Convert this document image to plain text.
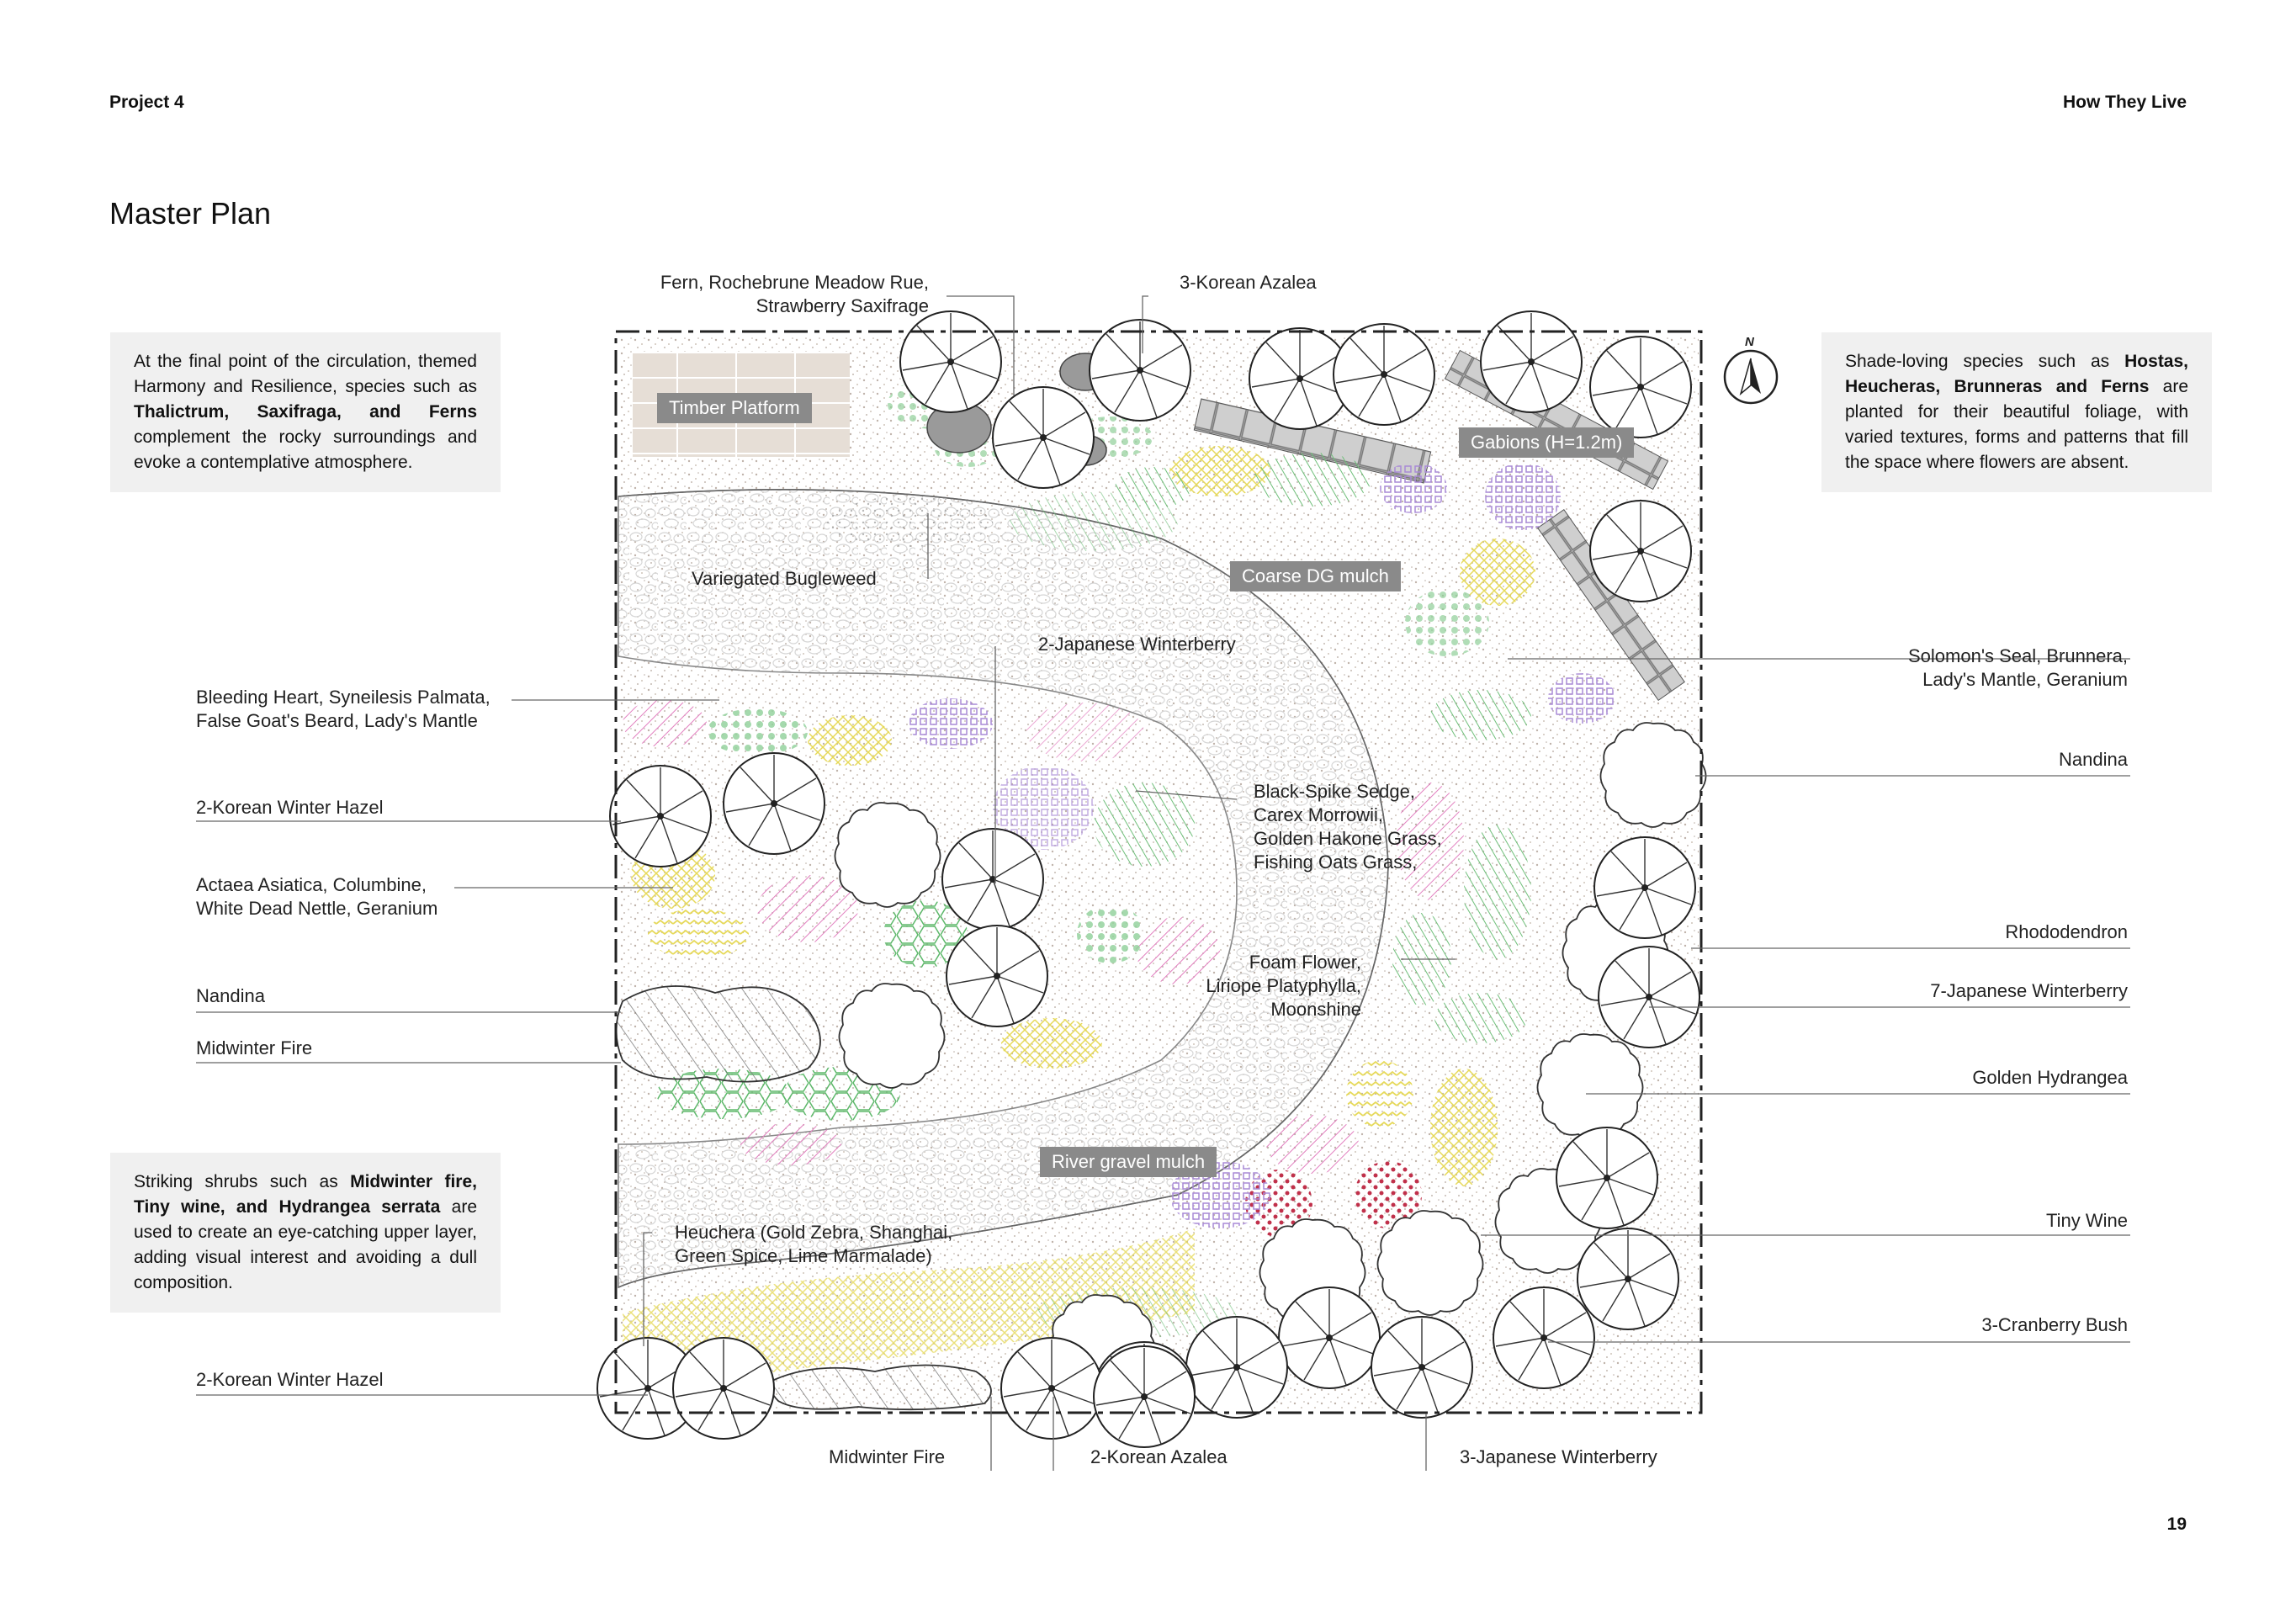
Project 4	How They Live
Master Plan
19
At the final point of the circulation, themed Harmony and Resilience, species such as Thalictrum, Saxifraga, and Ferns complement the rocky surroundings and evoke a contemplative atmosphere.
Shade-loving species such as Hostas, Heucheras, Brunneras and Ferns are planted for their beautiful foliage, with varied textures, forms and patterns that fill the space where flowers are absent.
Striking shrubs such as Midwinter fire, Tiny wine, and Hydrangea serrata are used to create an eye-catching upper layer, adding visual interest and avoiding a dull composition.
Timber Platform
Gabions (H=1.2m)
Coarse DG mulch
River gravel mulch
Fern, Rochebrune Meadow Rue,
Strawberry Saxifrage
3-Korean Azalea
Variegated Bugleweed
2-Japanese Winterberry
Bleeding Heart, Syneilesis Palmata,
False Goat's Beard, Lady's Mantle
2-Korean Winter Hazel
Actaea Asiatica, Columbine,
White Dead Nettle, Geranium
Nandina
Midwinter Fire
Black-Spike Sedge,
Carex Morrowii,
Golden Hakone Grass,
Fishing Oats Grass,
Foam Flower,
Liriope Platyphylla,
Moonshine
Heuchera (Gold Zebra, Shanghai,
Green Spice, Lime Marmalade)
2-Korean Winter Hazel
Midwinter Fire	2-Korean Azalea	3-Japanese Winterberry
Solomon's Seal, Brunnera,
Lady's Mantle, Geranium
Nandina
Rhododendron
7-Japanese Winterberry
Golden Hydrangea
Tiny Wine
3-Cranberry Bush
N
